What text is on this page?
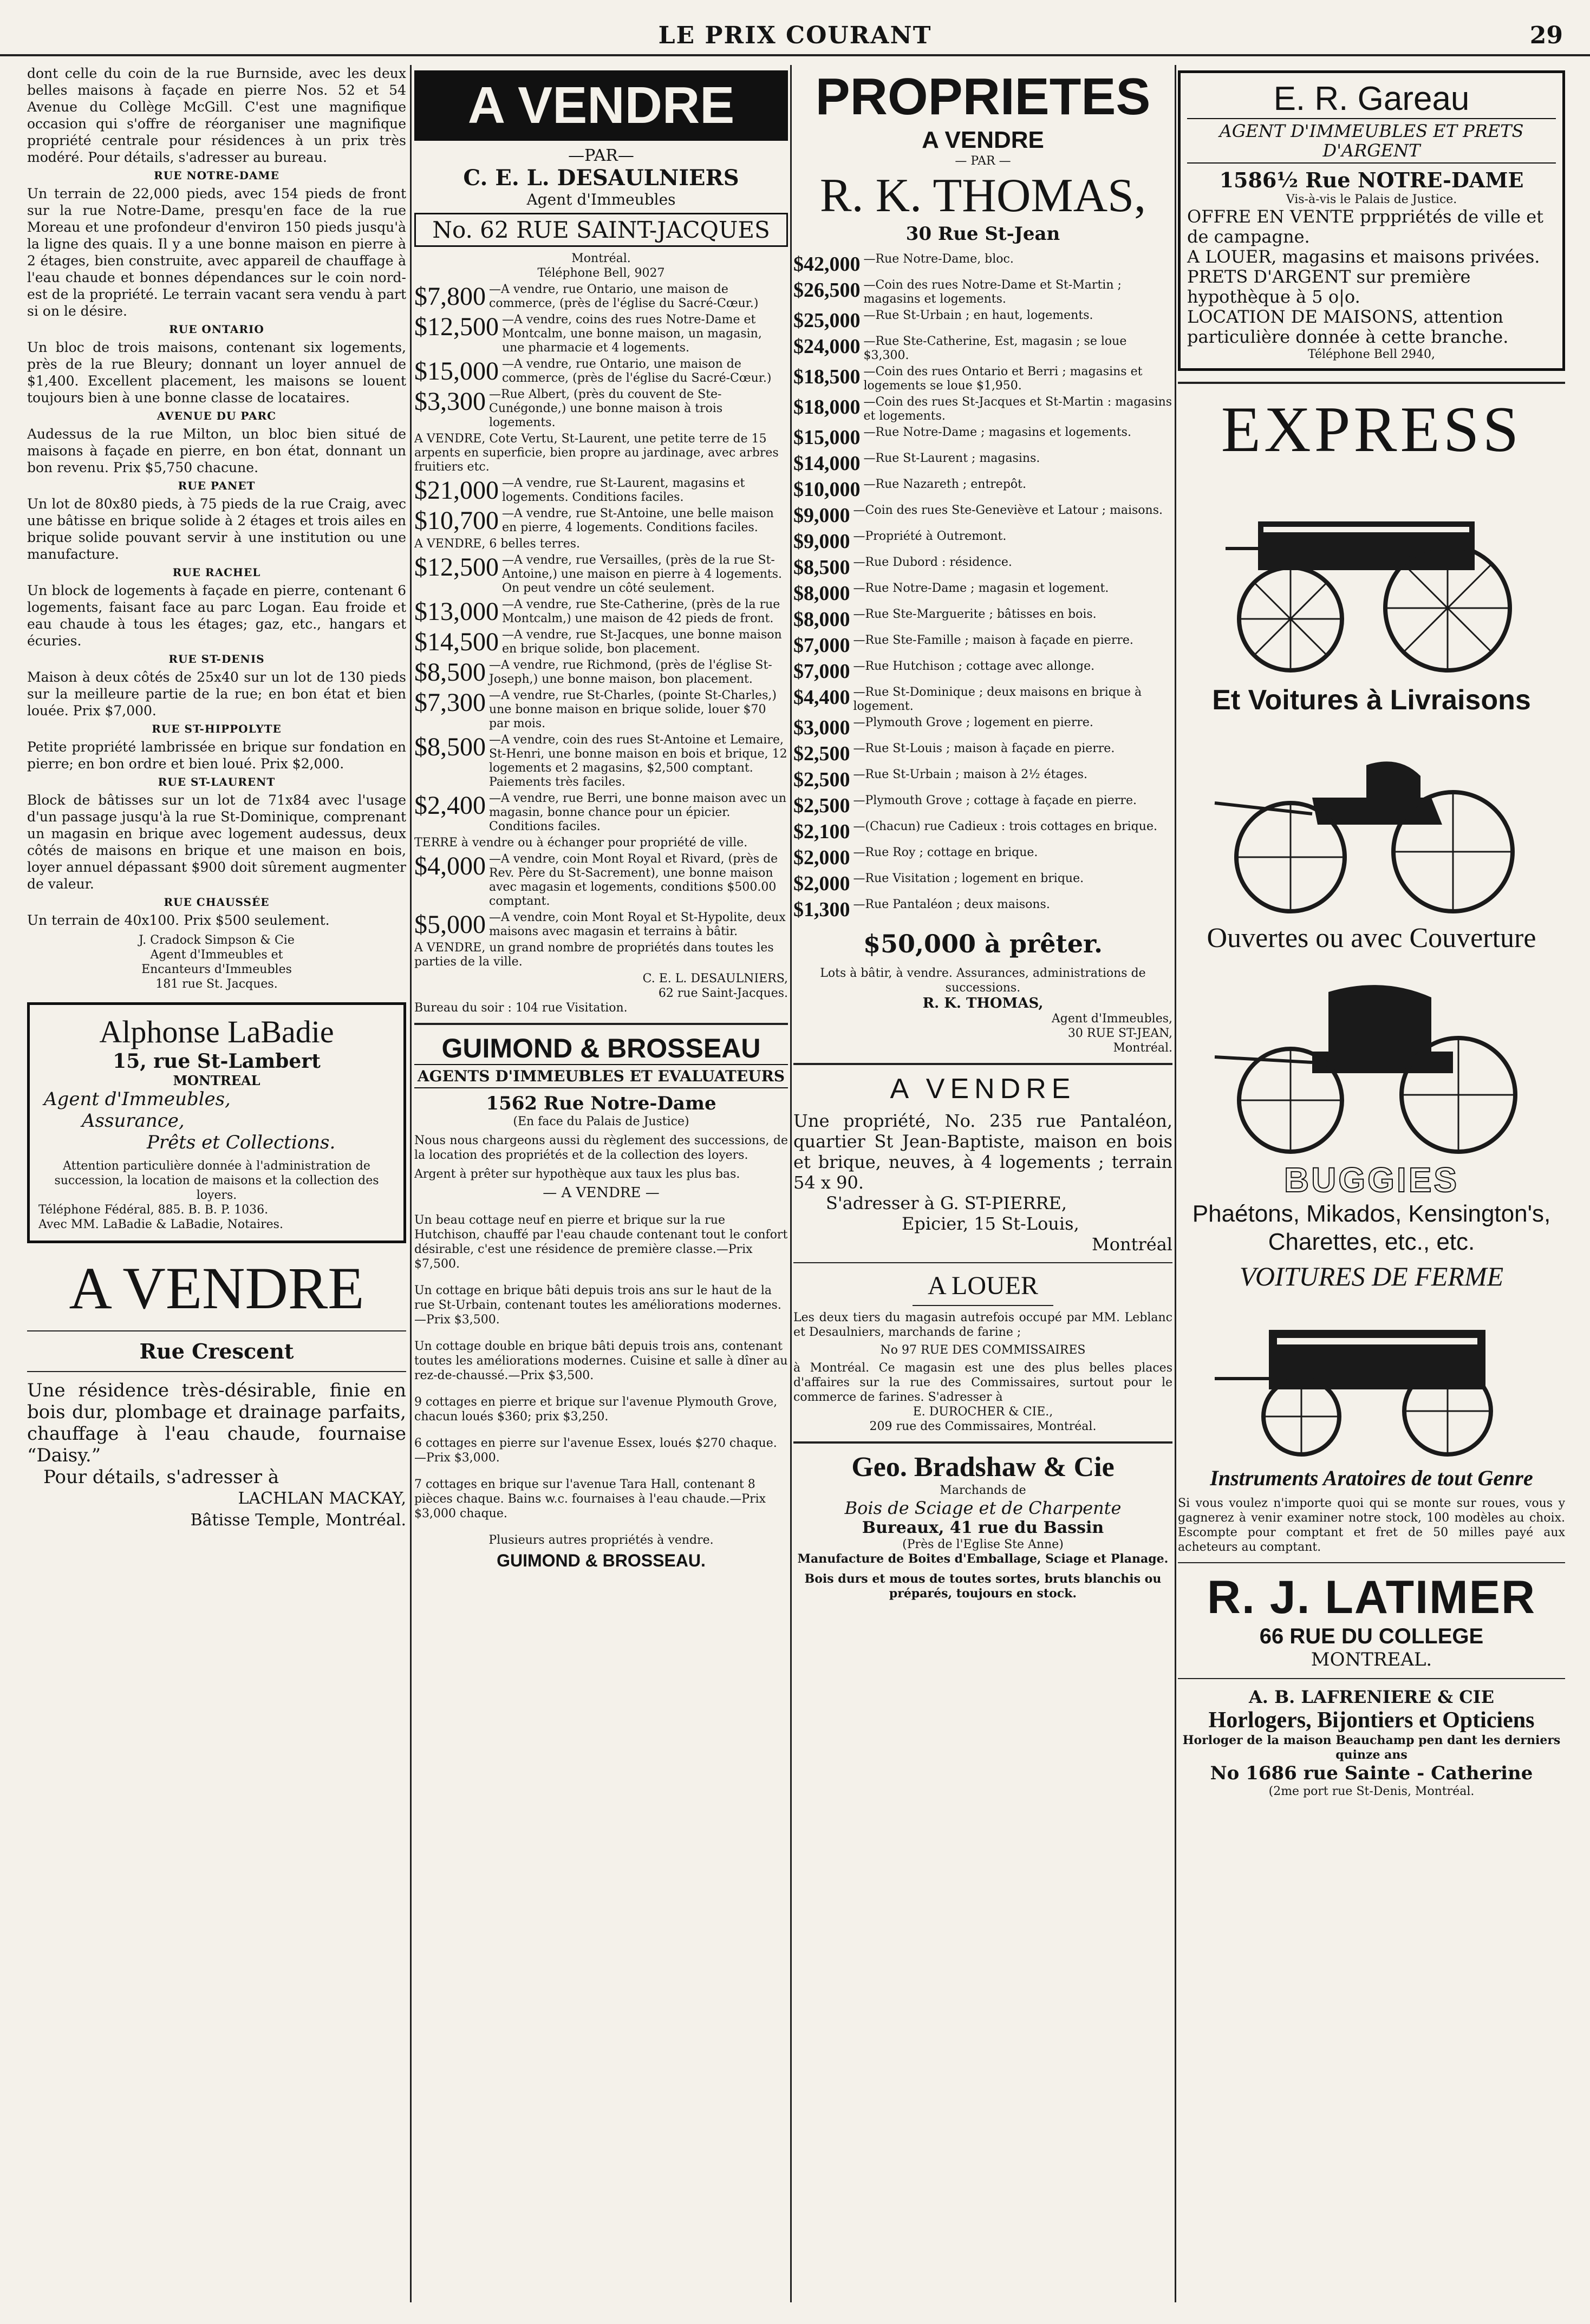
LE PRIX COURANT	29

dont celle du coin de la rue Burnside, avec les deux belles maisons à façade en pierre Nos. 52 et 54 Avenue du Collège McGill. C'est une magnifique occasion qui s'offre de réorganiser une magnifique propriété centrale pour résidences à un prix très modéré. Pour détails, s'adresser au bureau.

RUE NOTRE-DAME

Un terrain de 22,000 pieds, avec 154 pieds de front sur la rue Notre-Dame, presqu'en face de la rue Moreau et une profondeur d'environ 150 pieds jusqu'à la ligne des quais. Il y a une bonne maison en pierre à 2 étages, bien construite, avec appareil de chauffage à l'eau chaude et bonnes dépendances sur le coin nord-est de la propriété. Le terrain vacant sera vendu à part si on le désire.

RUE ONTARIO

Un bloc de trois maisons, contenant six logements, près de la rue Bleury; donnant un loyer annuel de $1,400. Excellent placement, les maisons se louent toujours bien à une bonne classe de locataires.

AVENUE DU PARC

Audessus de la rue Milton, un bloc bien situé de maisons à façade en pierre, en bon état, donnant un bon revenu. Prix $5,750 chacune.

RUE PANET

Un lot de 80x80 pieds, à 75 pieds de la rue Craig, avec une bâtisse en brique solide à 2 étages et trois ailes en brique solide pouvant servir à une institution ou une manufacture.

RUE RACHEL

Un block de logements à façade en pierre, contenant 6 logements, faisant face au parc Logan. Eau froide et eau chaude à tous les étages; gaz, etc., hangars et écuries.

RUE ST-DENIS

Maison à deux côtés de 25x40 sur un lot de 130 pieds sur la meilleure partie de la rue; en bon état et bien louée. Prix $7,000.

RUE ST-HIPPOLYTE

Petite propriété lambrissée en brique sur fondation en pierre; en bon ordre et bien loué. Prix $2,000.

RUE ST-LAURENT

Block de bâtisses sur un lot de 71x84 avec l'usage d'un passage jusqu'à la rue St-Dominique, comprenant un magasin en brique avec logement audessus, deux côtés de maisons en brique et une maison en bois, loyer annuel dépassant $900 doit sûrement augmenter de valeur.

RUE CHAUSSÉE

Un terrain de 40x100. Prix $500 seulement.

J. Cradock Simpson & Cie
Agent d'Immeubles et
Encanteurs d'Immeubles
181 rue St. Jacques.
Alphonse LaBadie
15, rue St-Lambert
MONTREAL
Agent d'Immeubles,
Assurance,
Prêts et Collections.
Attention particulière donnée à l'administration de succession, la location de maisons et la collection des loyers.
Téléphone Fédéral, 885. B. B. P. 1036.
Avec MM. LaBadie & LaBadie, Notaires.
A VENDRE
Rue Crescent
Une résidence très-désirable, finie en bois dur, plombage et drainage parfaits, chauffage à l'eau chaude, fournaise “Daisy.”
Pour détails, s'adresser à
LACHLAN MACKAY,
Bâtisse Temple, Montréal.
A VENDRE
—PAR—
C. E. L. DESAULNIERS
Agent d'Immeubles
No. 62 RUE SAINT-JACQUES
Montréal.
Téléphone Bell, 9027
$7,800 —A vendre, rue Ontario, une maison de commerce, (près de l'église du Sacré-Cœur.)
$12,500 —A vendre, coins des rues Notre-Dame et Montcalm, une bonne maison, un magasin, une pharmacie et 4 logements.
$15,000 —A vendre, rue Ontario, une maison de commerce, (près de l'église du Sacré-Cœur.)
$3,300 —Rue Albert, (près du couvent de Ste-Cunégonde,) une bonne maison à trois logements.
A VENDRE, Cote Vertu, St-Laurent, une petite terre de 15 arpents en superficie, bien propre au jardinage, avec arbres fruitiers etc.
$21,000 —A vendre, rue St-Laurent, magasins et logements. Conditions faciles.
$10,700 —A vendre, rue St-Antoine, une belle maison en pierre, 4 logements. Conditions faciles.
A VENDRE, 6 belles terres.
$12,500 —A vendre, rue Versailles, (près de la rue St-Antoine,) une maison en pierre à 4 logements. On peut vendre un côté seulement.
$13,000 —A vendre, rue Ste-Catherine, (près de la rue Montcalm,) une maison de 42 pieds de front.
$14,500 —A vendre, rue St-Jacques, une bonne maison en brique solide, bon placement.
$8,500 —A vendre, rue Richmond, (près de l'église St-Joseph,) une bonne maison, bon placement.
$7,300 —A vendre, rue St-Charles, (pointe St-Charles,) une bonne maison en brique solide, louer $70 par mois.
$8,500 —A vendre, coin des rues St-Antoine et Lemaire, St-Henri, une bonne maison en bois et brique, 12 logements et 2 magasins, $2,500 comptant. Paiements très faciles.
$2,400 —A vendre, rue Berri, une bonne maison avec un magasin, bonne chance pour un épicier. Conditions faciles.
TERRE à vendre ou à échanger pour propriété de ville.
$4,000 —A vendre, coin Mont Royal et Rivard, (près de Rev. Père du St-Sacrement), une bonne maison avec magasin et logements, conditions $500.00 comptant.
$5,000 —A vendre, coin Mont Royal et St-Hypolite, deux maisons avec magasin et terrains à bâtir.
A VENDRE, un grand nombre de propriétés dans toutes les parties de la ville.
C. E. L. DESAULNIERS,
62 rue Saint-Jacques.
Bureau du soir : 104 rue Visitation.
GUIMOND & BROSSEAU
AGENTS D'IMMEUBLES ET EVALUATEURS
1562 Rue Notre-Dame
(En face du Palais de Justice)

Nous nous chargeons aussi du règlement des successions, de la location des propriétés et de la collection des loyers.

Argent à prêter sur hypothèque aux taux les plus bas.

— A VENDRE —

Un beau cottage neuf en pierre et brique sur la rue Hutchison, chauffé par l'eau chaude contenant tout le confort désirable, c'est une résidence de première classe.—Prix $7,500.

Un cottage en brique bâti depuis trois ans sur le haut de la rue St-Urbain, contenant toutes les améliorations modernes.—Prix $3,500.

Un cottage double en brique bâti depuis trois ans, contenant toutes les améliorations modernes. Cuisine et salle à dîner au rez-de-chaussé.—Prix $3,500.

9 cottages en pierre et brique sur l'avenue Plymouth Grove, chacun loués $360; prix $3,250.

6 cottages en pierre sur l'avenue Essex, loués $270 chaque.—Prix $3,000.

7 cottages en brique sur l'avenue Tara Hall, contenant 8 pièces chaque. Bains w.c. fournaises à l'eau chaude.—Prix $3,000 chaque.

Plusieurs autres propriétés à vendre.
GUIMOND & BROSSEAU.
PROPRIETES
A VENDRE
— PAR —
R. K. THOMAS,
30 Rue St-Jean
$42,000 —Rue Notre-Dame, bloc.
$26,500 —Coin des rues Notre-Dame et St-Martin ; magasins et logements.
$25,000 —Rue St-Urbain ; en haut, logements.
$24,000 —Rue Ste-Catherine, Est, magasin ; se loue $3,300.
$18,500 —Coin des rues Ontario et Berri ; magasins et logements se loue $1,950.
$18,000 —Coin des rues St-Jacques et St-Martin : magasins et logements.
$15,000 —Rue Notre-Dame ; magasins et logements.
$14,000 —Rue St-Laurent ; magasins.
$10,000 —Rue Nazareth ; entrepôt.
$9,000 —Coin des rues Ste-Geneviève et Latour ; maisons.
$9,000 —Propriété à Outremont.
$8,500 —Rue Dubord : résidence.
$8,000 —Rue Notre-Dame ; magasin et logement.
$8,000 —Rue Ste-Marguerite ; bâtisses en bois.
$7,000 —Rue Ste-Famille ; maison à façade en pierre.
$7,000 —Rue Hutchison ; cottage avec allonge.
$4,400 —Rue St-Dominique ; deux maisons en brique à logement.
$3,000 —Plymouth Grove ; logement en pierre.
$2,500 —Rue St-Louis ; maison à façade en pierre.
$2,500 —Rue St-Urbain ; maison à 2½ étages.
$2,500 —Plymouth Grove ; cottage à façade en pierre.
$2,100 —(Chacun) rue Cadieux : trois cottages en brique.
$2,000 —Rue Roy ; cottage en brique.
$2,000 —Rue Visitation ; logement en brique.
$1,300 —Rue Pantaléon ; deux maisons.
$50,000 à prêter.
Lots à bâtir, à vendre. Assurances, administrations de successions.
R. K. THOMAS,
Agent d'Immeubles,
30 RUE ST-JEAN,
Montréal.
A VENDRE
Une propriété, No. 235 rue Pantaléon, quartier St Jean-Baptiste, maison en bois et brique, neuves, à 4 logements ; terrain 54 x 90.
S'adresser à G. ST-PIERRE,
Epicier, 15 St-Louis,
Montréal
A LOUER
Les deux tiers du magasin autrefois occupé par MM. Leblanc et Desaulniers, marchands de farine ;
No 97 RUE DES COMMISSAIRES
à Montréal. Ce magasin est une des plus belles places d'affaires sur la rue des Commissaires, surtout pour le commerce de farines. S'adresser à
E. DUROCHER & CIE.,
209 rue des Commissaires, Montréal.
Geo. Bradshaw & Cie
Marchands de
Bois de Sciage et de Charpente
Bureaux, 41 rue du Bassin
(Près de l'Eglise Ste Anne)
Manufacture de Boites d'Emballage, Sciage et Planage.
Bois durs et mous de toutes sortes, bruts blanchis ou préparés, toujours en stock.
E. R. Gareau
AGENT D'IMMEUBLES ET PRETS D'ARGENT
1586½ Rue NOTRE-DAME
Vis-à-vis le Palais de Justice.
OFFRE EN VENTE prppriétés de ville et de campagne.
A LOUER, magasins et maisons privées.
PRETS D'ARGENT sur première hypothèque à 5 o|o.
LOCATION DE MAISONS, attention particulière donnée à cette branche.
Téléphone Bell 2940,
EXPRESS
Et Voitures à Livraisons
Ouvertes ou avec Couverture
BUGGIES
Phaétons, Mikados, Kensington's, Charettes, etc., etc.
VOITURES DE FERME
Instruments Aratoires de tout Genre
Si vous voulez n'importe quoi qui se monte sur roues, vous y gagnerez à venir examiner notre stock, 100 modèles au choix. Escompte pour comptant et fret de 50 milles payé aux acheteurs au comptant.
R. J. LATIMER
66 RUE DU COLLEGE
MONTREAL.
A. B. LAFRENIERE & CIE
Horlogers, Bijontiers et Opticiens
Horloger de la maison Beauchamp pen dant les derniers quinze ans
No 1686 rue Sainte - Catherine
(2me port rue St-Denis, Montréal.
